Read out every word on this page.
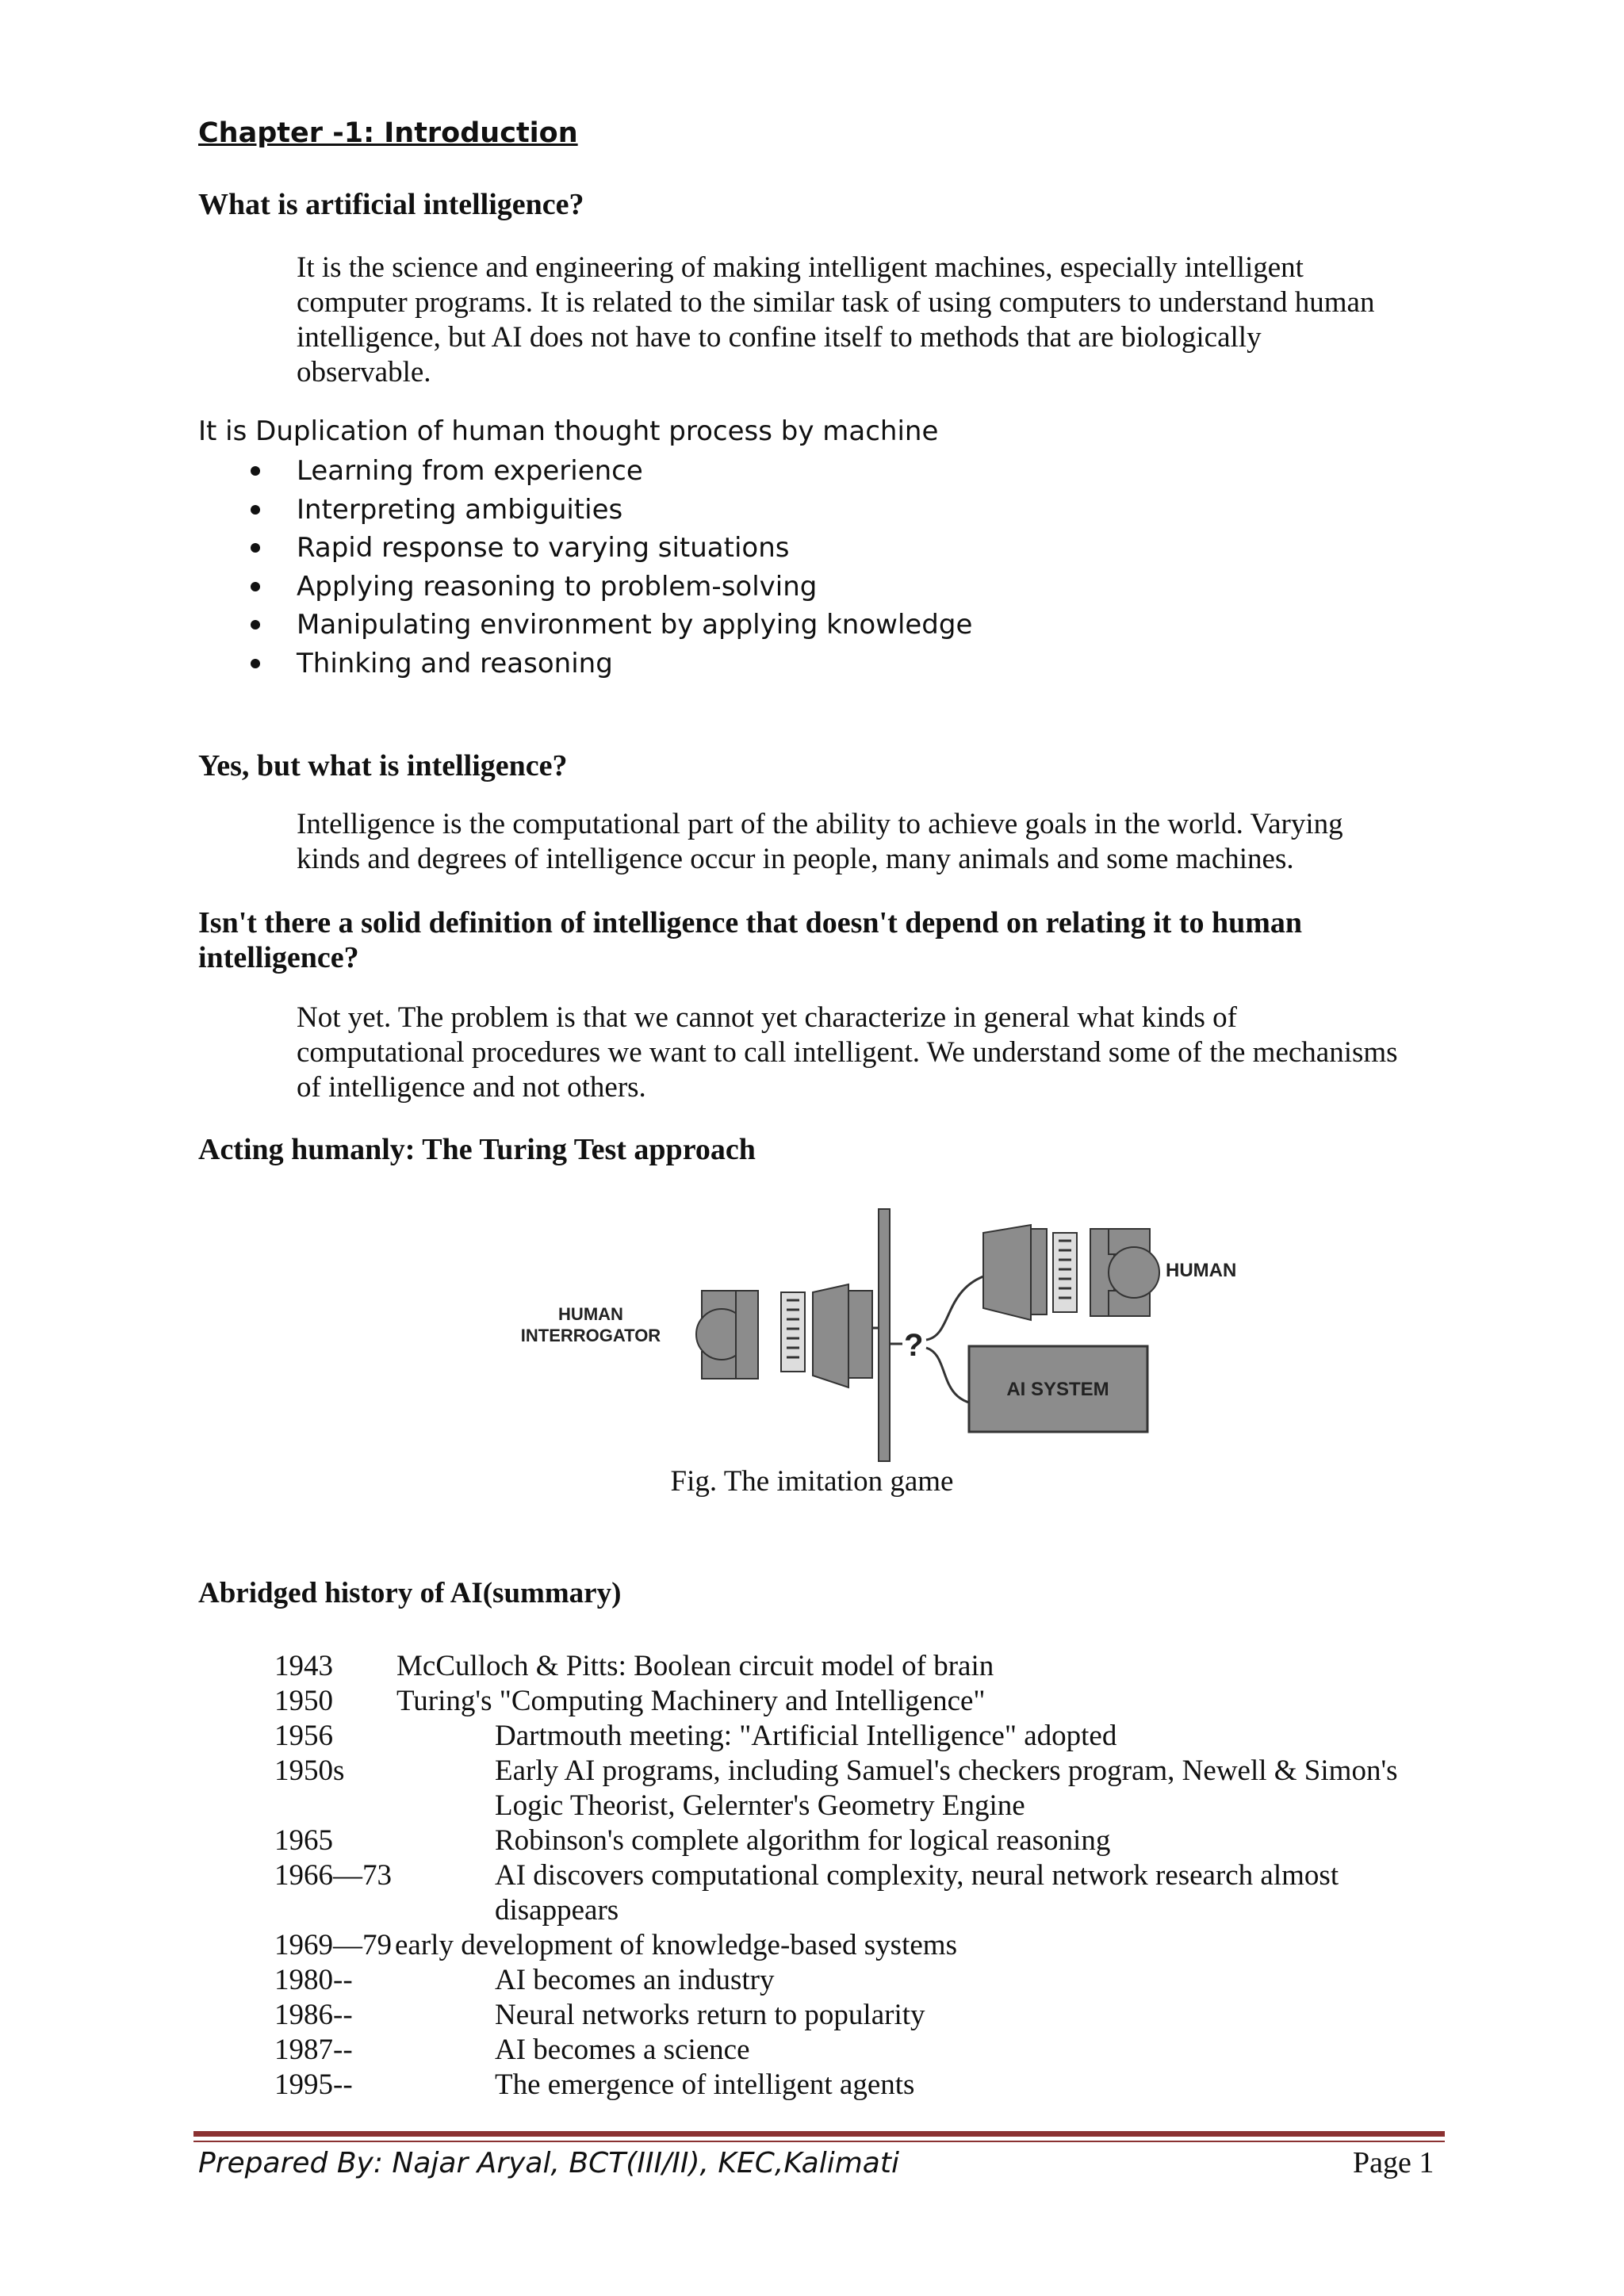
Chapter -1: Introduction
What is artificial intelligence?
It is the science and engineering of making intelligent machines, especially intelligent
computer programs. It is related to the similar task of using computers to understand human
intelligence, but AI does not have to confine itself to methods that are biologically
observable.
It is Duplication of human thought process by machine
Learning from experience
Interpreting ambiguities
Rapid response to varying situations
Applying reasoning to problem-solving
Manipulating environment by applying knowledge
Thinking and reasoning
Yes, but what is intelligence?
Intelligence is the computational part of the ability to achieve goals in the world. Varying
kinds and degrees of intelligence occur in people, many animals and some machines.
Isn't there a solid definition of intelligence that doesn't depend on relating it to human
intelligence?
Not yet. The problem is that we cannot yet characterize in general what kinds of
computational procedures we want to call intelligent. We understand some of the mechanisms
of intelligence and not others.
Acting humanly: The Turing Test approach
HUMAN
INTERROGATOR	?
HUMAN
AI SYSTEM
Fig. The imitation game
Abridged history of AI(summary)
1943 McCulloch & Pitts: Boolean circuit model of brain
1950 Turing's "Computing Machinery and Intelligence"
1956	Dartmouth meeting: "Artificial Intelligence" adopted
1950s	Early AI programs, including Samuel's checkers program, Newell & Simon's
Logic Theorist, Gelernter's Geometry Engine
1965	Robinson's complete algorithm for logical reasoning
1966—73	AI discovers computational complexity, neural network research almost
disappears
1969—79 early development of knowledge-based systems
1980--	AI becomes an industry
1986--	Neural networks return to popularity
1987--	AI becomes a science
1995--	The emergence of intelligent agents
Prepared By: Najar Aryal, BCT(III/II), KEC,Kalimati	Page 1
